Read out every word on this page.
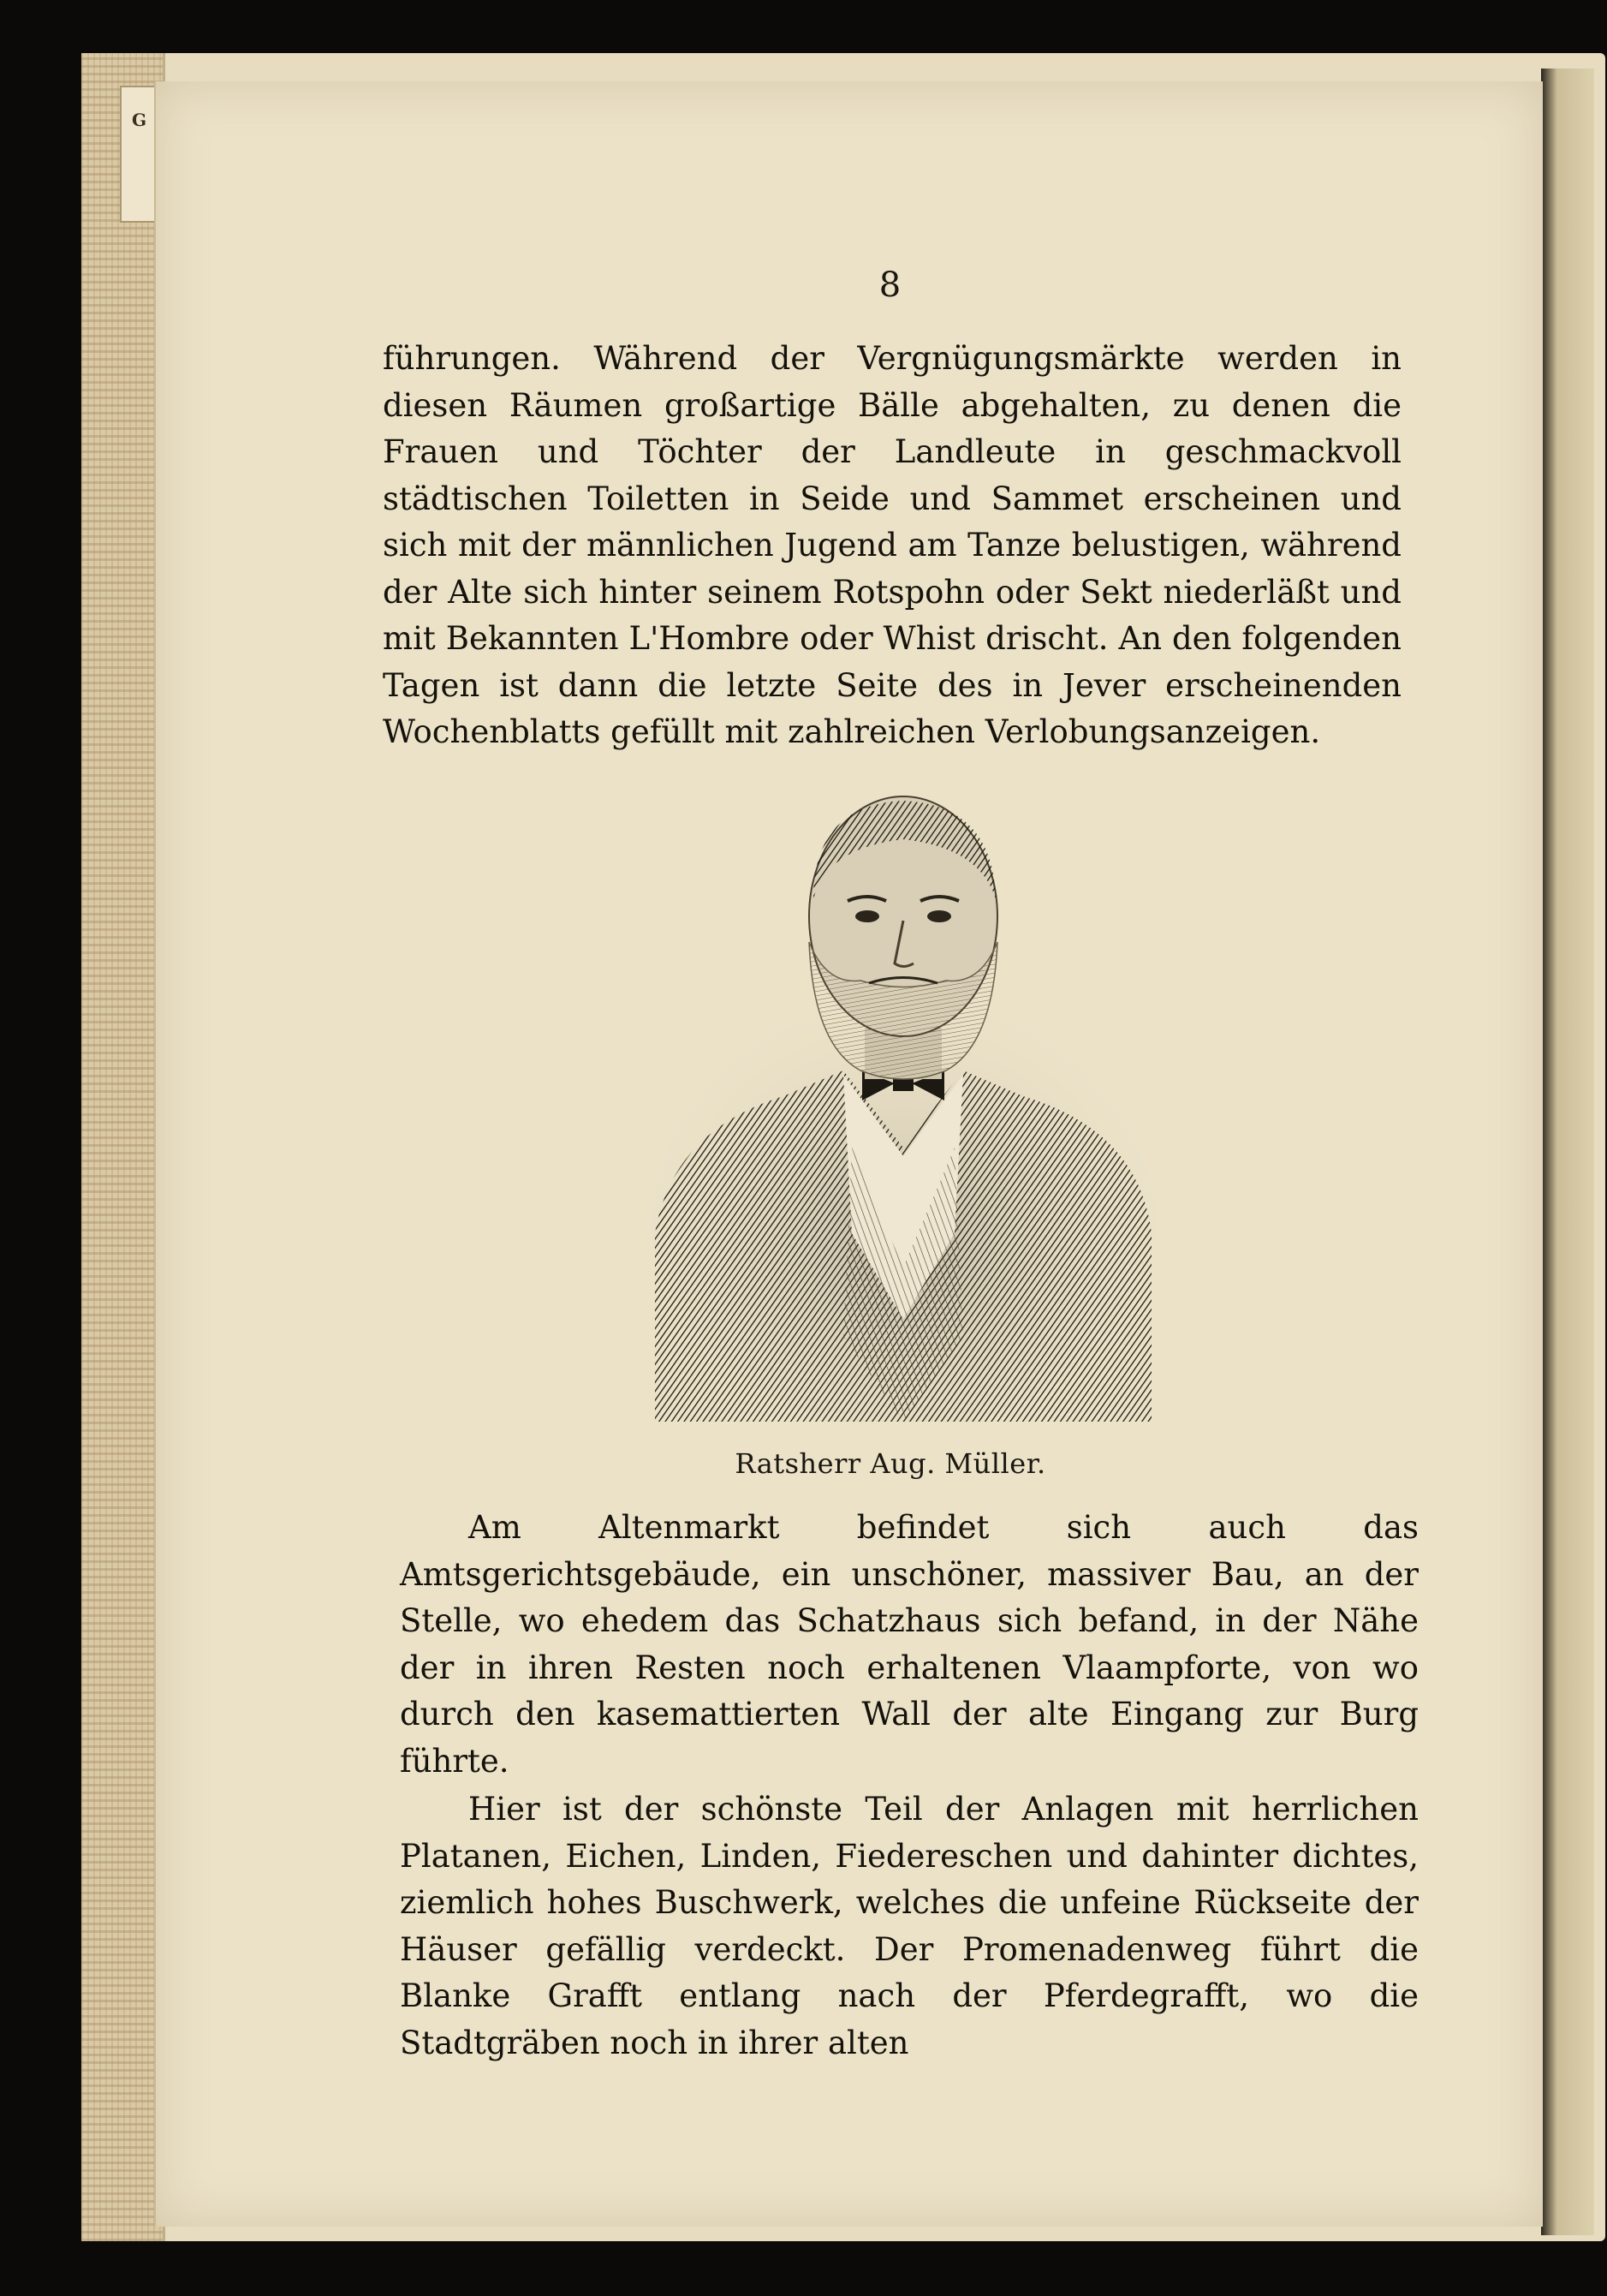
G
8

führungen. Während der Vergnügungsmärkte werden in diesen Räumen großartige Bälle abgehalten, zu denen die Frauen und Töchter der Landleute in geschmackvoll städtischen Toiletten in Seide und Sammet erscheinen und sich mit der männlichen Jugend am Tanze belustigen, während der Alte sich hinter seinem Rotspohn oder Sekt niederläßt und mit Bekannten L'Hombre oder Whist drischt. An den folgenden Tagen ist dann die letzte Seite des in Jever erscheinenden Wochenblatts gefüllt mit zahlreichen Verlobungsanzeigen.

Ratsherr Aug. Müller.

Am Altenmarkt befindet sich auch das Amtsgerichtsgebäude, ein unschöner, massiver Bau, an der Stelle, wo ehedem das Schatzhaus sich befand, in der Nähe der in ihren Resten noch erhaltenen Vlaampforte, von wo durch den kasemattierten Wall der alte Eingang zur Burg führte.

Hier ist der schönste Teil der Anlagen mit herrlichen Platanen, Eichen, Linden, Fiedereschen und dahinter dichtes, ziemlich hohes Buschwerk, welches die unfeine Rückseite der Häuser gefällig verdeckt. Der Promenadenweg führt die Blanke Grafft entlang nach der Pferdegrafft, wo die Stadtgräben noch in ihrer alten
